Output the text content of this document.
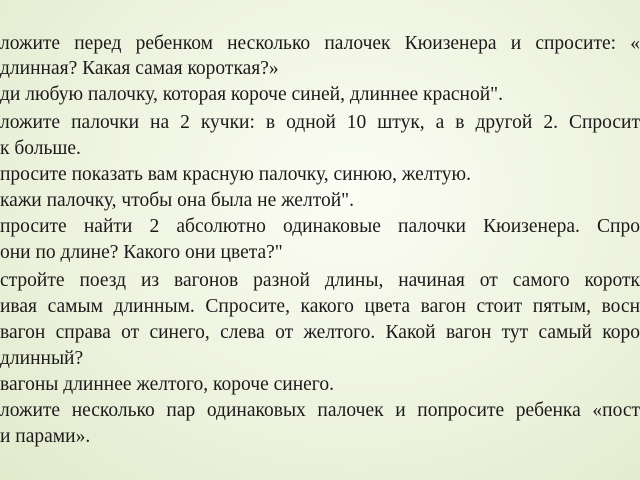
ложите перед ребенком несколько палочек Кюизенера и спросите: «
длинная? Какая самая короткая?»
ди любую палочку, которая короче синей, длиннее красной".
ложите палочки на 2 кучки: в одной 10 штук, а в другой 2. Спросит
к больше.
просите показать вам красную палочку, синюю, желтую.
кажи палочку, чтобы она была не желтой".
просите найти 2 абсолютно одинаковые палочки Кюизенера. Спро
они по длине? Какого они цвета?"
стройте поезд из вагонов разной длины, начиная от самого коротк
ивая самым длинным. Спросите, какого цвета вагон стоит пятым, восн
вагон справа от синего, слева от желтого. Какой вагон тут самый коро
длинный?
вагоны длиннее желтого, короче синего.
ложите несколько пар одинаковых палочек и попросите ребенка «пост
и парами».
